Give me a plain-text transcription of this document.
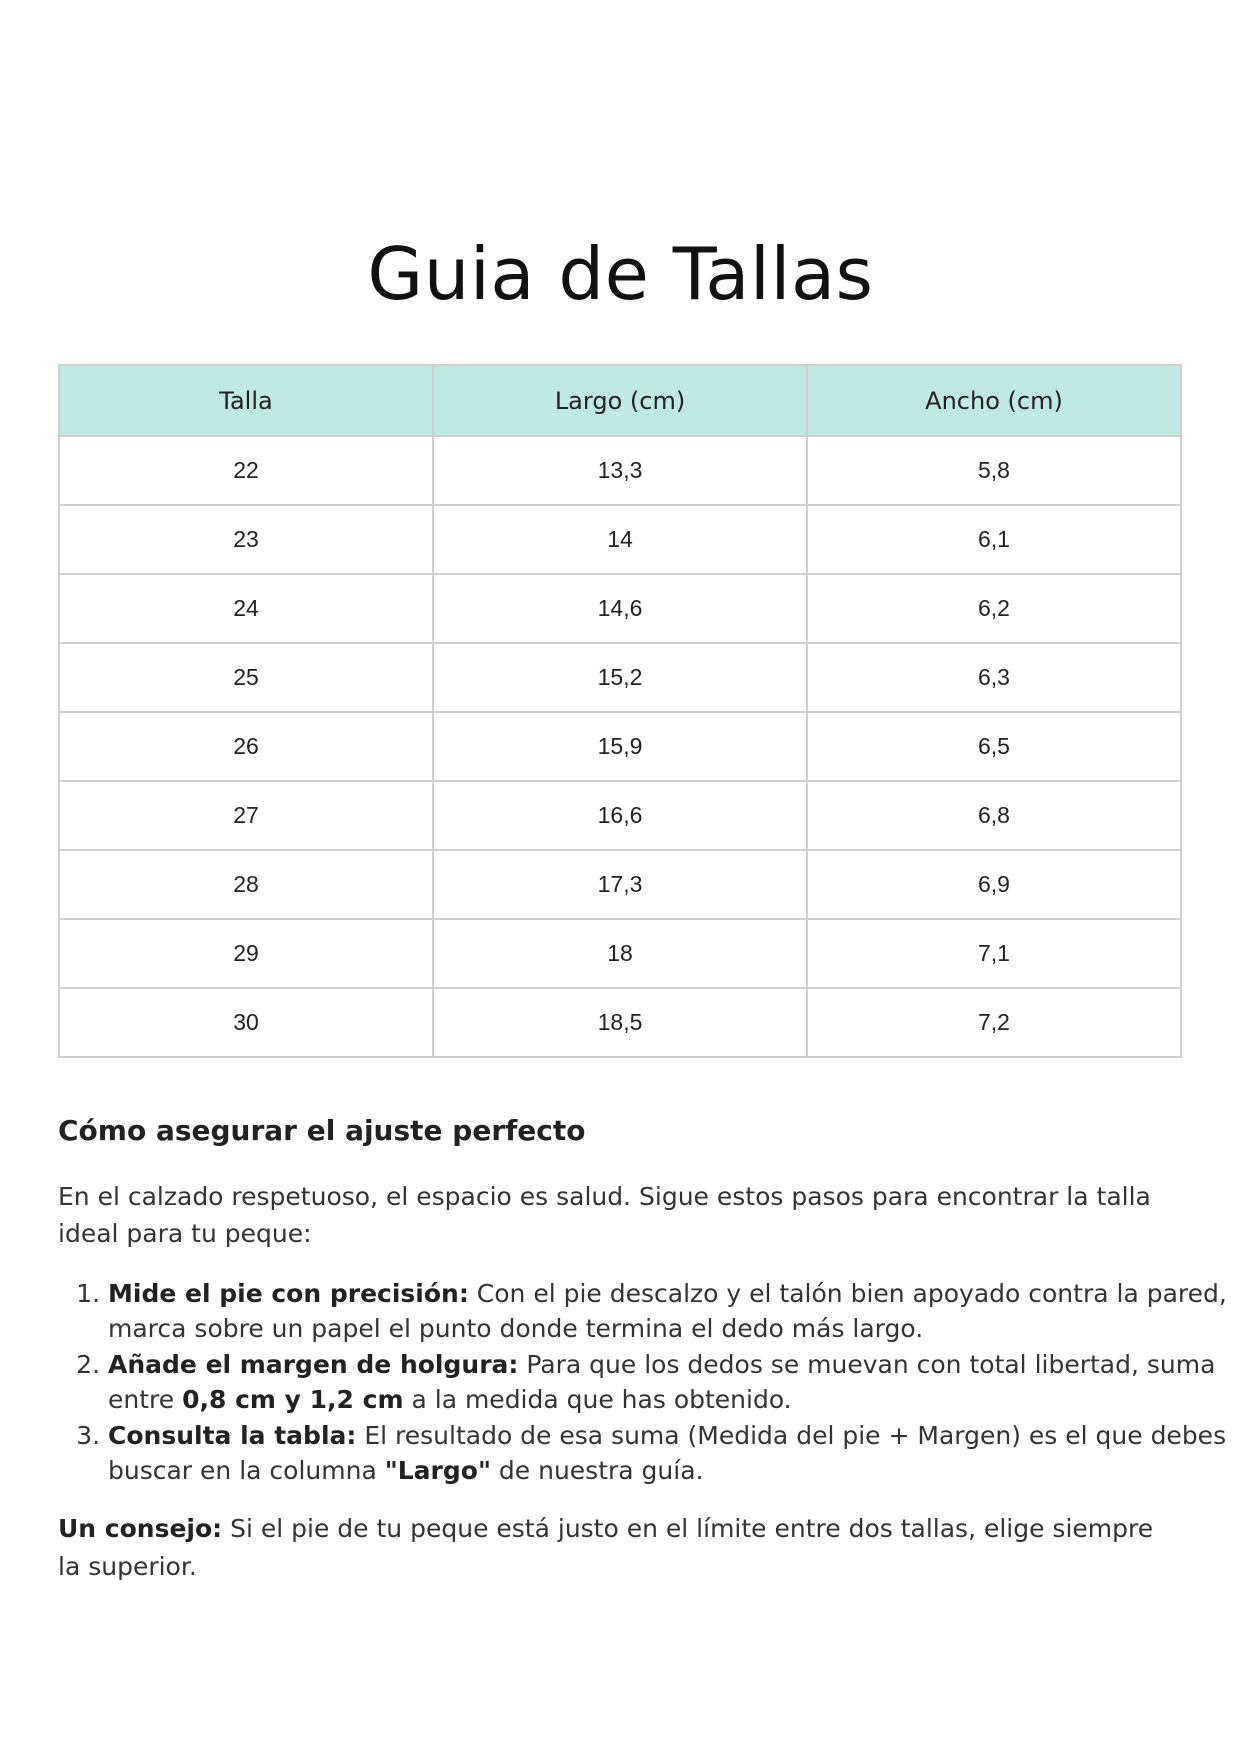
Guia de Tallas
Talla	Largo (cm)	Ancho (cm)
22	13,3	5,8
23	14	6,1
24	14,6	6,2
25	15,2	6,3
26	15,9	6,5
27	16,6	6,8
28	17,3	6,9
29	18	7,1
30	18,5	7,2
Cómo asegurar el ajuste perfecto

En el calzado respetuoso, el espacio es salud. Sigue estos pasos para encontrar la talla ideal para tu peque:

1. Mide el pie con precisión: Con el pie descalzo y el talón bien apoyado contra la pared, marca sobre un papel el punto donde termina el dedo más largo.
2. Añade el margen de holgura: Para que los dedos se muevan con total libertad, suma entre 0,8 cm y 1,2 cm a la medida que has obtenido.
3. Consulta la tabla: El resultado de esa suma (Medida del pie + Margen) es el que debes buscar en la columna "Largo" de nuestra guía.

Un consejo: Si el pie de tu peque está justo en el límite entre dos tallas, elige siempre la superior.
